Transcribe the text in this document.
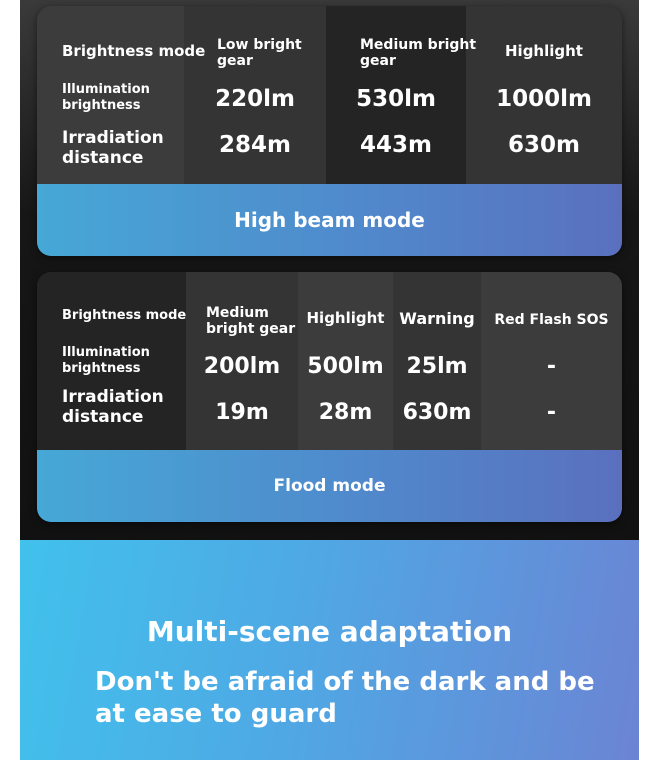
Brightness mode
Illumination
brightness
Irradiation
distance
Low bright
gear
220lm
284m
Medium bright
gear
530lm
443m
Highlight
1000lm
630m
High beam mode
Brightness mode
Illumination
brightness
Irradiation
distance
Medium
bright gear
200lm
19m
Highlight
500lm
28m
Warning
25lm
630m
Red Flash SOS
-
-
Flood mode
Multi-scene adaptation
Don't be afraid of the dark and be at ease to guard
